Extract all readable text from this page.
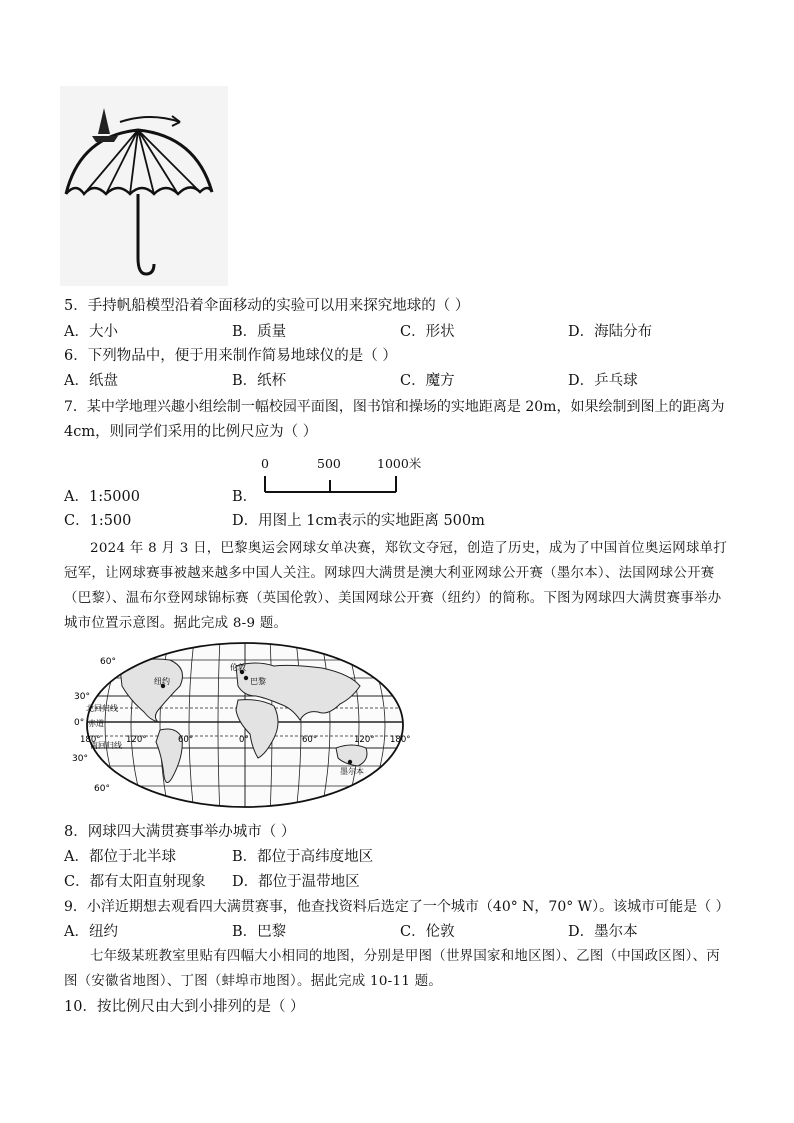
5．手持帆船模型沿着伞面移动的实验可以用来探究地球的（ ）
A．大小	B．质量	C．形状	D．海陆分布
6．下列物品中，便于用来制作简易地球仪的是（ ）
A．纸盘	B．纸杯	C．魔方	D．乒乓球
7．某中学地理兴趣小组绘制一幅校园平面图，图书馆和操场的实地距离是 20m，如果绘制到图上的距离为
4cm，则同学们采用的比例尺应为（ ）
0	500	1000米
A．1:5000	B．
C．1:500	D．用图上 1cm表示的实地距离 500m
2024 年 8 月 3 日，巴黎奥运会网球女单决赛，郑钦文夺冠，创造了历史，成为了中国首位奥运网球单打
冠军，让网球赛事被越来越多中国人关注。网球四大满贯是澳大利亚网球公开赛（墨尔本）、法国网球公开赛
（巴黎）、温布尔登网球锦标赛（英国伦敦）、美国网球公开赛（纽约）的简称。下图为网球四大满贯赛事举办
城市位置示意图。据此完成 8-9 题。
60°
30°
0°
30°
60°
180°	120°	60°	0°	60°	120° 180°
北回归线
赤道
南回归线
伦敦
纽约	巴黎
墨尔本
8．网球四大满贯赛事举办城市（ ）
A．都位于北半球	B．都位于高纬度地区
C．都有太阳直射现象 D．都位于温带地区
9．小洋近期想去观看四大满贯赛事，他查找资料后选定了一个城市（40° N，70° W）。该城市可能是（ ）
A．纽约	B．巴黎	C．伦敦	D．墨尔本
七年级某班教室里贴有四幅大小相同的地图，分别是甲图（世界国家和地区图）、乙图（中国政区图）、丙
图（安徽省地图）、丁图（蚌埠市地图）。据此完成 10-11 题。
10．按比例尺由大到小排列的是（ ）
